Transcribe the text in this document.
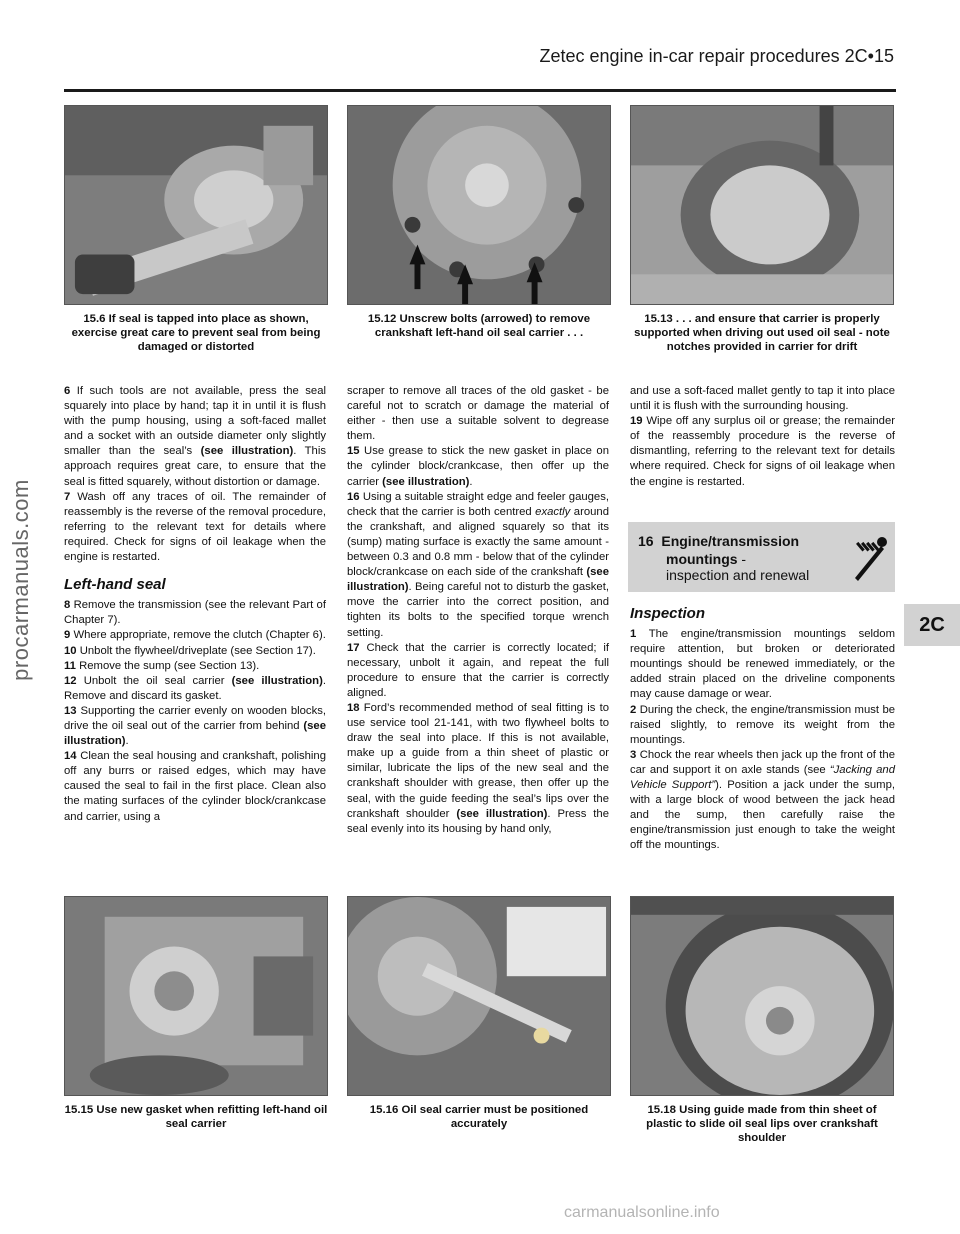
Zetec engine in-car repair procedures 2C•15
procarmanuals.com	2C
15.6 If seal is tapped into place as shown, exercise great care to prevent seal from being damaged or distorted
15.12 Unscrew bolts (arrowed) to remove crankshaft left-hand oil seal carrier . . .
15.13 . . . and ensure that carrier is properly supported when driving out used oil seal - note notches provided in carrier for drift

6 If such tools are not available, press the seal squarely into place by hand; tap it in until it is flush with the pump housing, using a soft-faced mallet and a socket with an outside diameter only slightly smaller than the seal’s (see illustration). This approach requires great care, to ensure that the seal is fitted squarely, without distortion or damage.

7 Wash off any traces of oil. The remainder of reassembly is the reverse of the removal procedure, referring to the relevant text for details where required. Check for signs of oil leakage when the engine is restarted.

Left-hand seal

8 Remove the transmission (see the relevant Part of Chapter 7).

9 Where appropriate, remove the clutch (Chapter 6).

10 Unbolt the flywheel/driveplate (see Section 17).

11 Remove the sump (see Section 13).

12 Unbolt the oil seal carrier (see illustration). Remove and discard its gasket.

13 Supporting the carrier evenly on wooden blocks, drive the oil seal out of the carrier from behind (see illustration).

14 Clean the seal housing and crankshaft, polishing off any burrs or raised edges, which may have caused the seal to fail in the first place. Clean also the mating surfaces of the cylinder block/crankcase and carrier, using a

scraper to remove all traces of the old gasket - be careful not to scratch or damage the material of either - then use a suitable solvent to degrease them.

15 Use grease to stick the new gasket in place on the cylinder block/crankcase, then offer up the carrier (see illustration).

16 Using a suitable straight edge and feeler gauges, check that the carrier is both centred exactly around the crankshaft, and aligned squarely so that its (sump) mating surface is exactly the same amount - between 0.3 and 0.8 mm - below that of the cylinder block/crankcase on each side of the crankshaft (see illustration). Being careful not to disturb the gasket, move the carrier into the correct position, and tighten its bolts to the specified torque wrench setting.

17 Check that the carrier is correctly located; if necessary, unbolt it again, and repeat the full procedure to ensure that the carrier is correctly aligned.

18 Ford’s recommended method of seal fitting is to use service tool 21-141, with two flywheel bolts to draw the seal into place. If this is not available, make up a guide from a thin sheet of plastic or similar, lubricate the lips of the new seal and the crankshaft shoulder with grease, then offer up the seal, with the guide feeding the seal’s lips over the crankshaft shoulder (see illustration). Press the seal evenly into its housing by hand only,

and use a soft-faced mallet gently to tap it into place until it is flush with the surrounding housing.

19 Wipe off any surplus oil or grease; the remainder of the reassembly procedure is the reverse of dismantling, referring to the relevant text for details where required. Check for signs of oil leakage when the engine is restarted.

16 Engine/transmission
mountings -
inspection and renewal
Inspection

1 The engine/transmission mountings seldom require attention, but broken or deteriorated mountings should be renewed immediately, or the added strain placed on the driveline components may cause damage or wear.

2 During the check, the engine/transmission must be raised slightly, to remove its weight from the mountings.

3 Chock the rear wheels then jack up the front of the car and support it on axle stands (see “Jacking and Vehicle Support”). Position a jack under the sump, with a large block of wood between the jack head and the sump, then carefully raise the engine/transmission just enough to take the weight off the mountings.

15.15 Use new gasket when refitting left-hand oil seal carrier
15.16 Oil seal carrier must be positioned accurately
15.18 Using guide made from thin sheet of plastic to slide oil seal lips over crankshaft shoulder
carmanualsonline.info
